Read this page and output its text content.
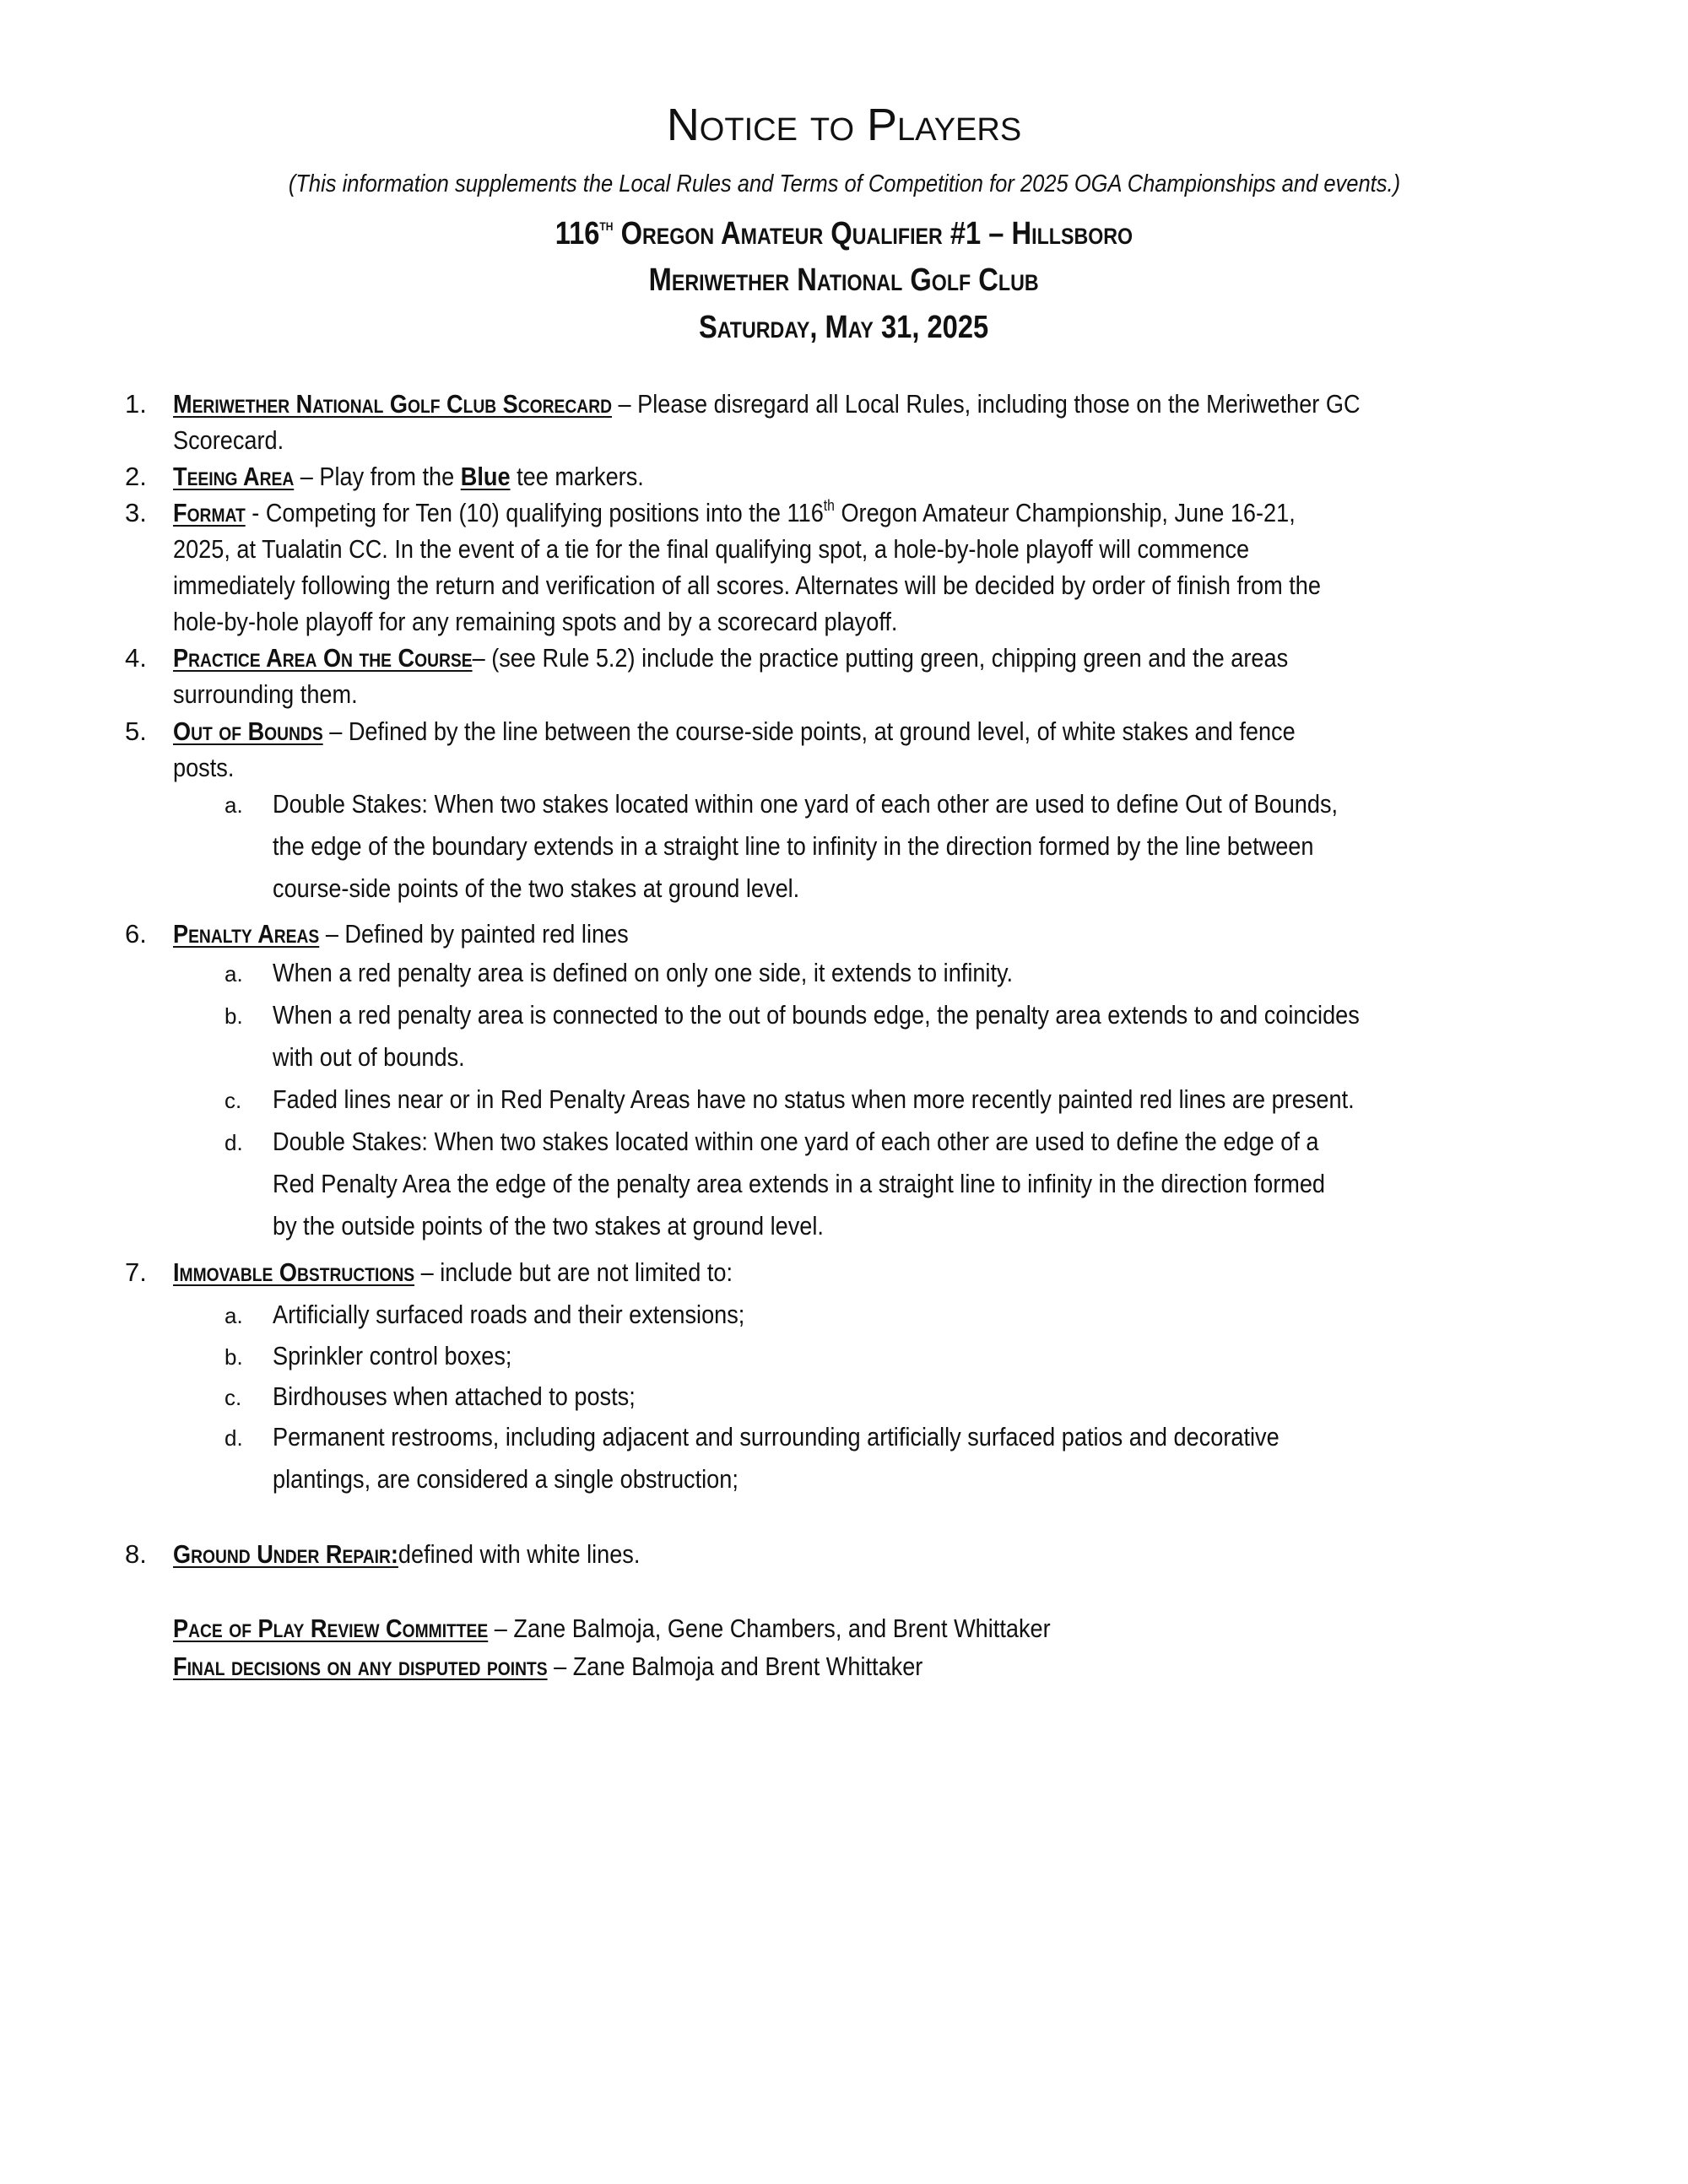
Notice to Players
(This information supplements the Local Rules and Terms of Competition for 2025 OGA Championships and events.)
116th Oregon Amateur Qualifier #1 – Hillsboro
Meriwether National Golf Club
Saturday, May 31, 2025
1. Meriwether National Golf Club Scorecard – Please disregard all Local Rules, including those on the Meriwether GC
Scorecard.
2. Teeing Area – Play from the Blue tee markers.
3. Format - Competing for Ten (10) qualifying positions into the 116th Oregon Amateur Championship, June 16-21,
2025, at Tualatin CC. In the event of a tie for the final qualifying spot, a hole-by-hole playoff will commence
immediately following the return and verification of all scores. Alternates will be decided by order of finish from the
hole-by-hole playoff for any remaining spots and by a scorecard playoff.
4. Practice Area On the Course– (see Rule 5.2) include the practice putting green, chipping green and the areas
surrounding them.
5. Out of Bounds – Defined by the line between the course-side points, at ground level, of white stakes and fence
posts.
a. Double Stakes: When two stakes located within one yard of each other are used to define Out of Bounds,
the edge of the boundary extends in a straight line to infinity in the direction formed by the line between
course-side points of the two stakes at ground level.
6. Penalty Areas – Defined by painted red lines
a. When a red penalty area is defined on only one side, it extends to infinity.
b. When a red penalty area is connected to the out of bounds edge, the penalty area extends to and coincides
with out of bounds.
c. Faded lines near or in Red Penalty Areas have no status when more recently painted red lines are present.
d. Double Stakes: When two stakes located within one yard of each other are used to define the edge of a
Red Penalty Area the edge of the penalty area extends in a straight line to infinity in the direction formed
by the outside points of the two stakes at ground level.
7. Immovable Obstructions – include but are not limited to:
a. Artificially surfaced roads and their extensions;
b. Sprinkler control boxes;
c. Birdhouses when attached to posts;
d. Permanent restrooms, including adjacent and surrounding artificially surfaced patios and decorative
plantings, are considered a single obstruction;
8. Ground Under Repair:defined with white lines.
Pace of Play Review Committee – Zane Balmoja, Gene Chambers, and Brent Whittaker
Final decisions on any disputed points – Zane Balmoja and Brent Whittaker
